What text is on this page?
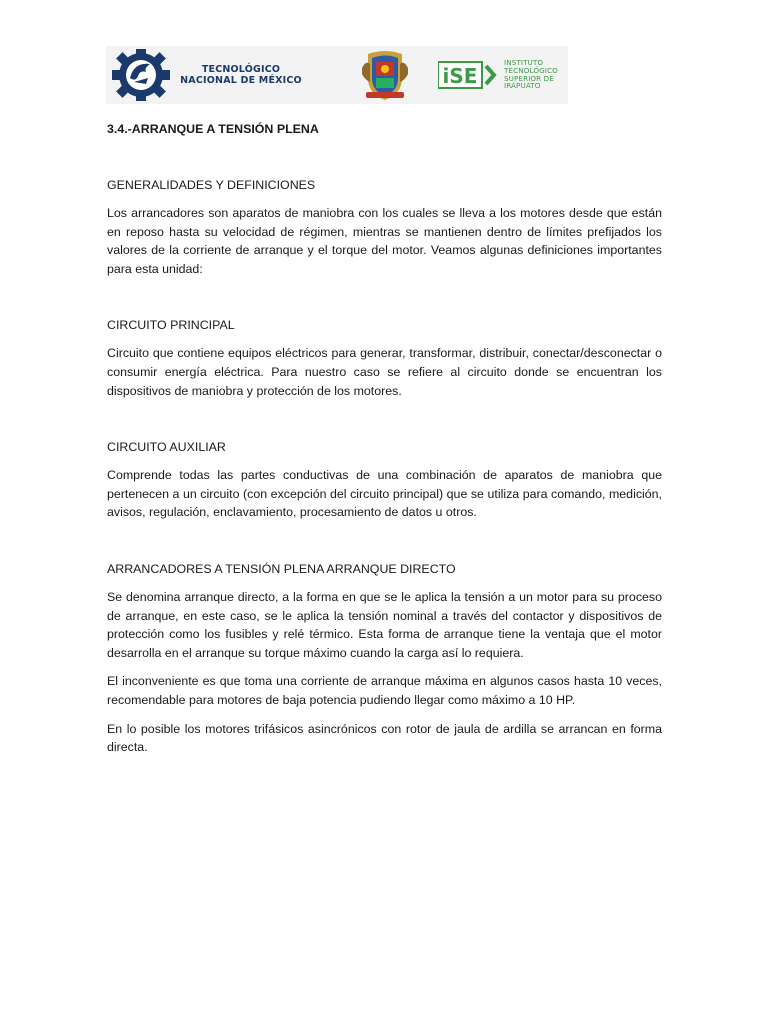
TECNOLÓGICO NACIONAL DE MÉXICO	iSE
INSTITUTO
TECNOLÓGICO
SUPERIOR DE
IRAPUATO
3.4.-ARRANQUE A TENSIÓN PLENA
GENERALIDADES Y DEFINICIONES

Los arrancadores son aparatos de maniobra con los cuales se lleva a los motores desde que están en reposo hasta su velocidad de régimen, mientras se mantienen dentro de límites prefijados los valores de la corriente de arranque y el torque del motor. Veamos algunas definiciones importantes para esta unidad:

CIRCUITO PRINCIPAL

Circuito que contiene equipos eléctricos para generar, transformar, distribuir, conectar/desconectar o consumir energía eléctrica. Para nuestro caso se refiere al circuito donde se encuentran los dispositivos de maniobra y protección de los motores.

CIRCUITO AUXILIAR

Comprende todas las partes conductivas de una combinación de aparatos de maniobra que pertenecen a un circuito (con excepción del circuito principal) que se utiliza para comando, medición, avisos, regulación, enclavamiento, procesamiento de datos u otros.

ARRANCADORES A TENSIÓN PLENA ARRANQUE DIRECTO

Se denomina arranque directo, a la forma en que se le aplica la tensión a un motor para su proceso de arranque, en este caso, se le aplica la tensión nominal a través del contactor y dispositivos de protección como los fusibles y relé térmico. Esta forma de arranque tiene la ventaja que el motor desarrolla en el arranque su torque máximo cuando la carga así lo requiera.

El inconveniente es que toma una corriente de arranque máxima en algunos casos hasta 10 veces, recomendable para motores de baja potencia pudiendo llegar como máximo a 10 HP.

En lo posible los motores trifásicos asincrónicos con rotor de jaula de ardilla se arrancan en forma directa.
